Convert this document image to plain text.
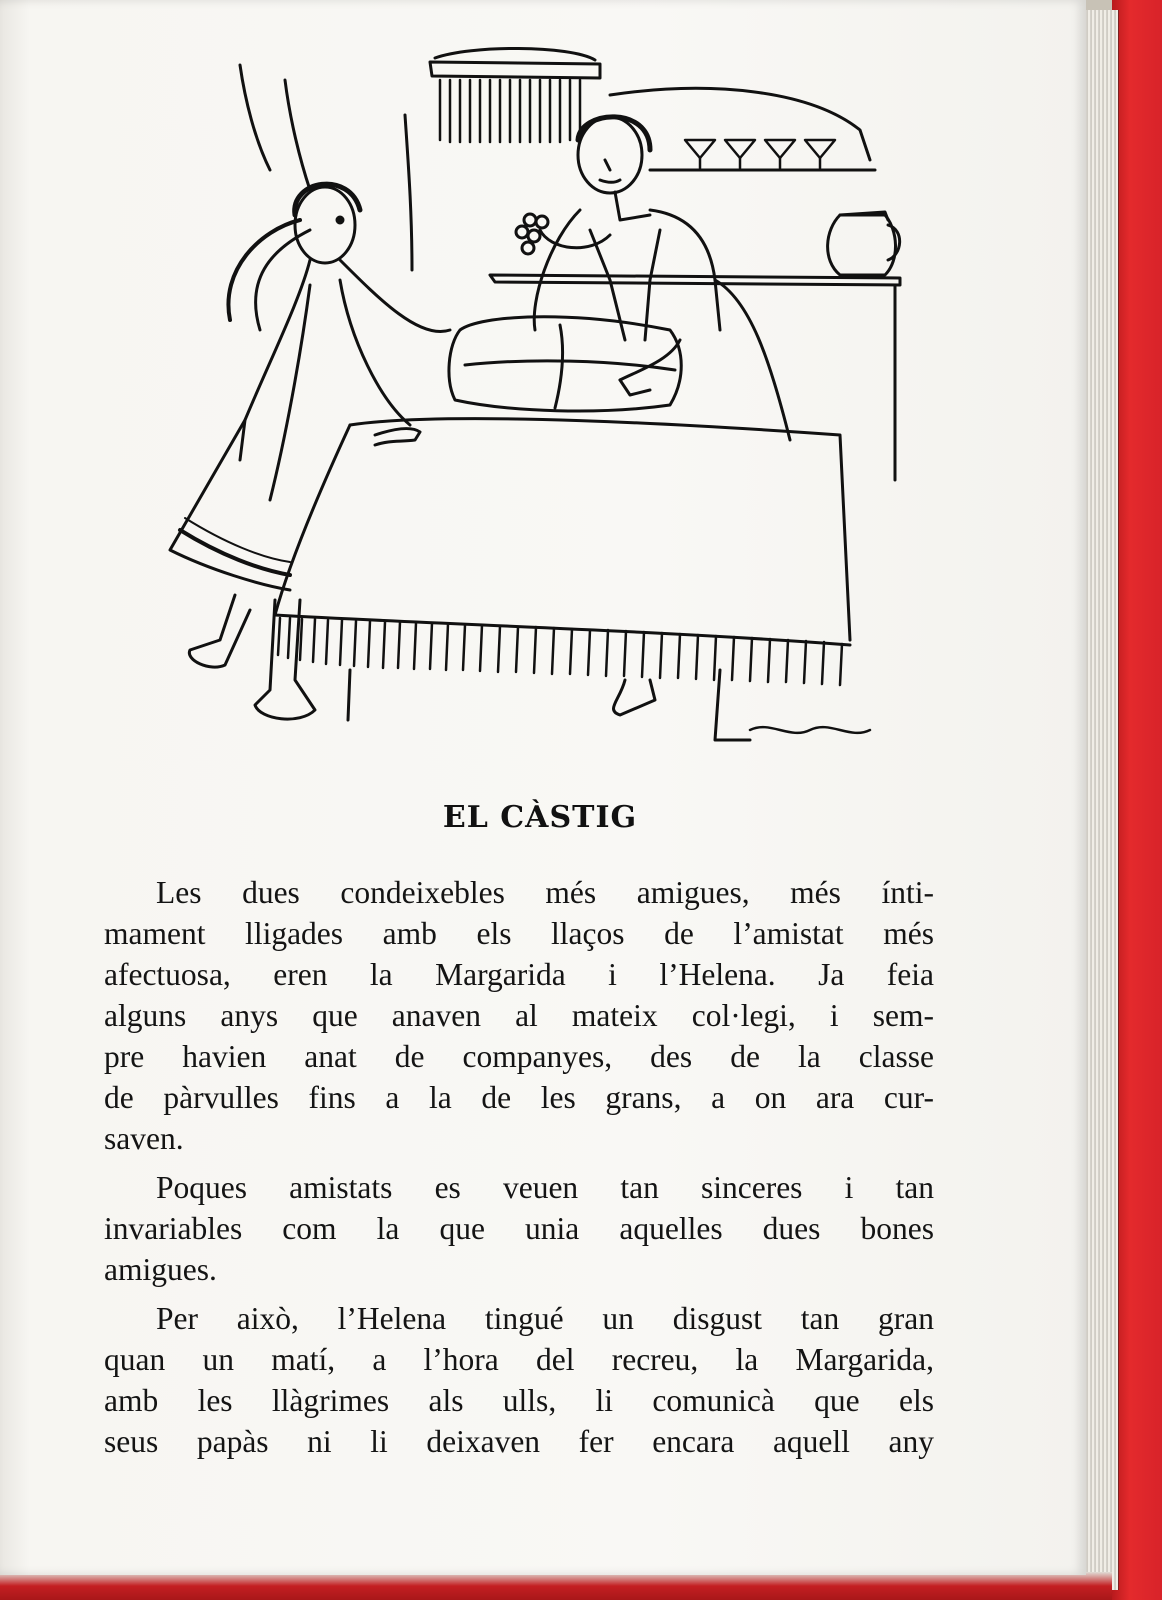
EL CÀSTIG

Les dues condeixebles més amigues, més ínti-
mament lligades amb els llaços de l’amistat més
afectuosa, eren la Margarida i l’Helena. Ja feia
alguns anys que anaven al mateix col·legi, i sem-
pre havien anat de companyes, des de la classe
de pàrvulles fins a la de les grans, a on ara cur-
saven.

Poques amistats es veuen tan sinceres i tan
invariables com la que unia aquelles dues bones
amigues.

Per això, l’Helena tingué un disgust tan gran
quan un matí, a l’hora del recreu, la Margarida,
amb les llàgrimes als ulls, li comunicà que els
seus papàs ni li deixaven fer encara aquell any
